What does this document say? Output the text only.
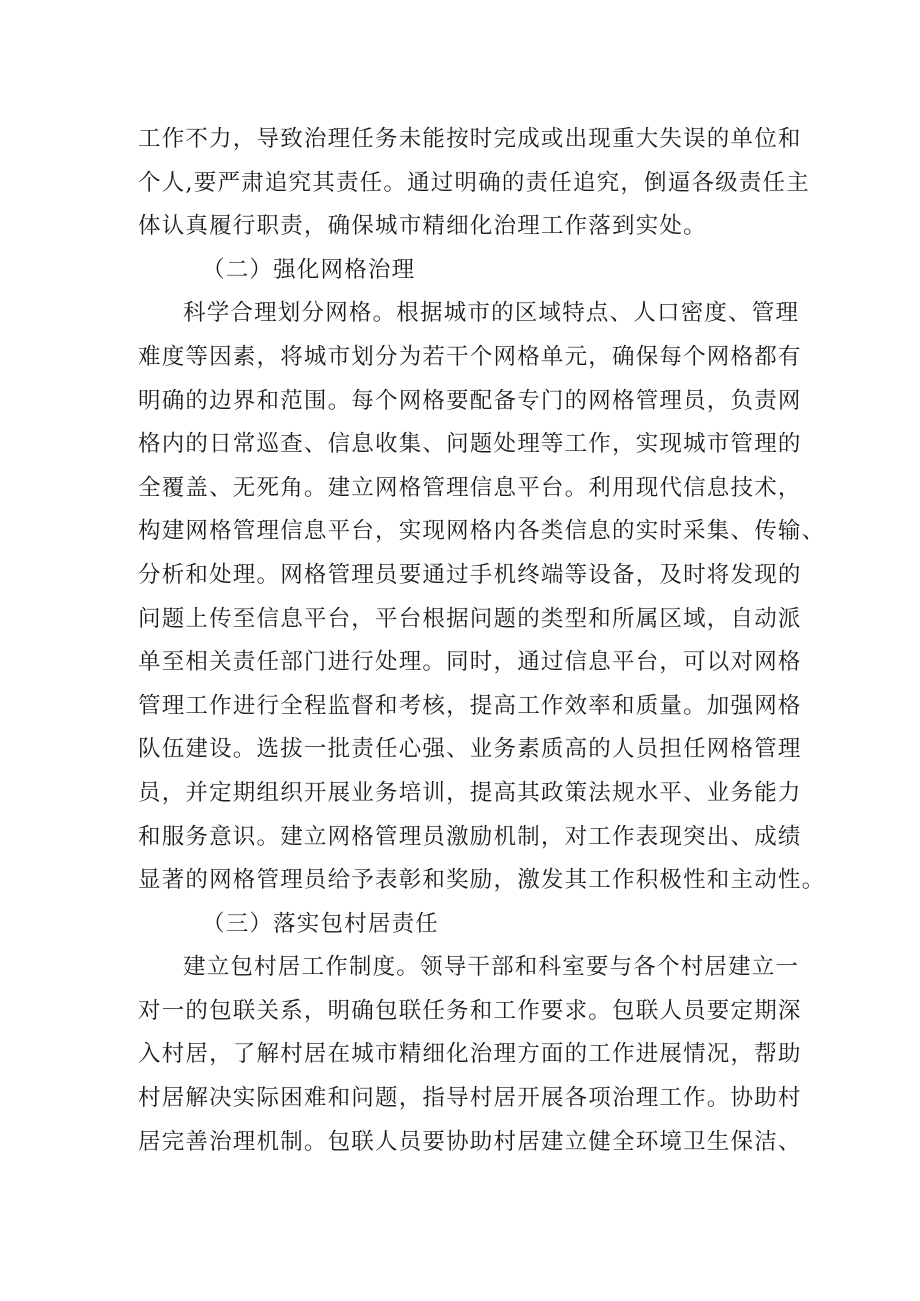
工作不力，导致治理任务未能按时完成或出现重大失误的单位和
个人,要严肃追究其责任。通过明确的责任追究，倒逼各级责任主
体认真履行职责，确保城市精细化治理工作落到实处。
（二）强化网格治理
科学合理划分网格。根据城市的区域特点、人口密度、管理
难度等因素，将城市划分为若干个网格单元，确保每个网格都有
明确的边界和范围。每个网格要配备专门的网格管理员，负责网
格内的日常巡查、信息收集、问题处理等工作，实现城市管理的
全覆盖、无死角。建立网格管理信息平台。利用现代信息技术，
构建网格管理信息平台，实现网格内各类信息的实时采集、传输、
分析和处理。网格管理员要通过手机终端等设备，及时将发现的
问题上传至信息平台，平台根据问题的类型和所属区域，自动派
单至相关责任部门进行处理。同时，通过信息平台，可以对网格
管理工作进行全程监督和考核，提高工作效率和质量。加强网格
队伍建设。选拔一批责任心强、业务素质高的人员担任网格管理
员，并定期组织开展业务培训，提高其政策法规水平、业务能力
和服务意识。建立网格管理员激励机制，对工作表现突出、成绩
显著的网格管理员给予表彰和奖励，激发其工作积极性和主动性。
（三）落实包村居责任
建立包村居工作制度。领导干部和科室要与各个村居建立一
对一的包联关系，明确包联任务和工作要求。包联人员要定期深
入村居，了解村居在城市精细化治理方面的工作进展情况，帮助
村居解决实际困难和问题，指导村居开展各项治理工作。协助村
居完善治理机制。包联人员要协助村居建立健全环境卫生保洁、
